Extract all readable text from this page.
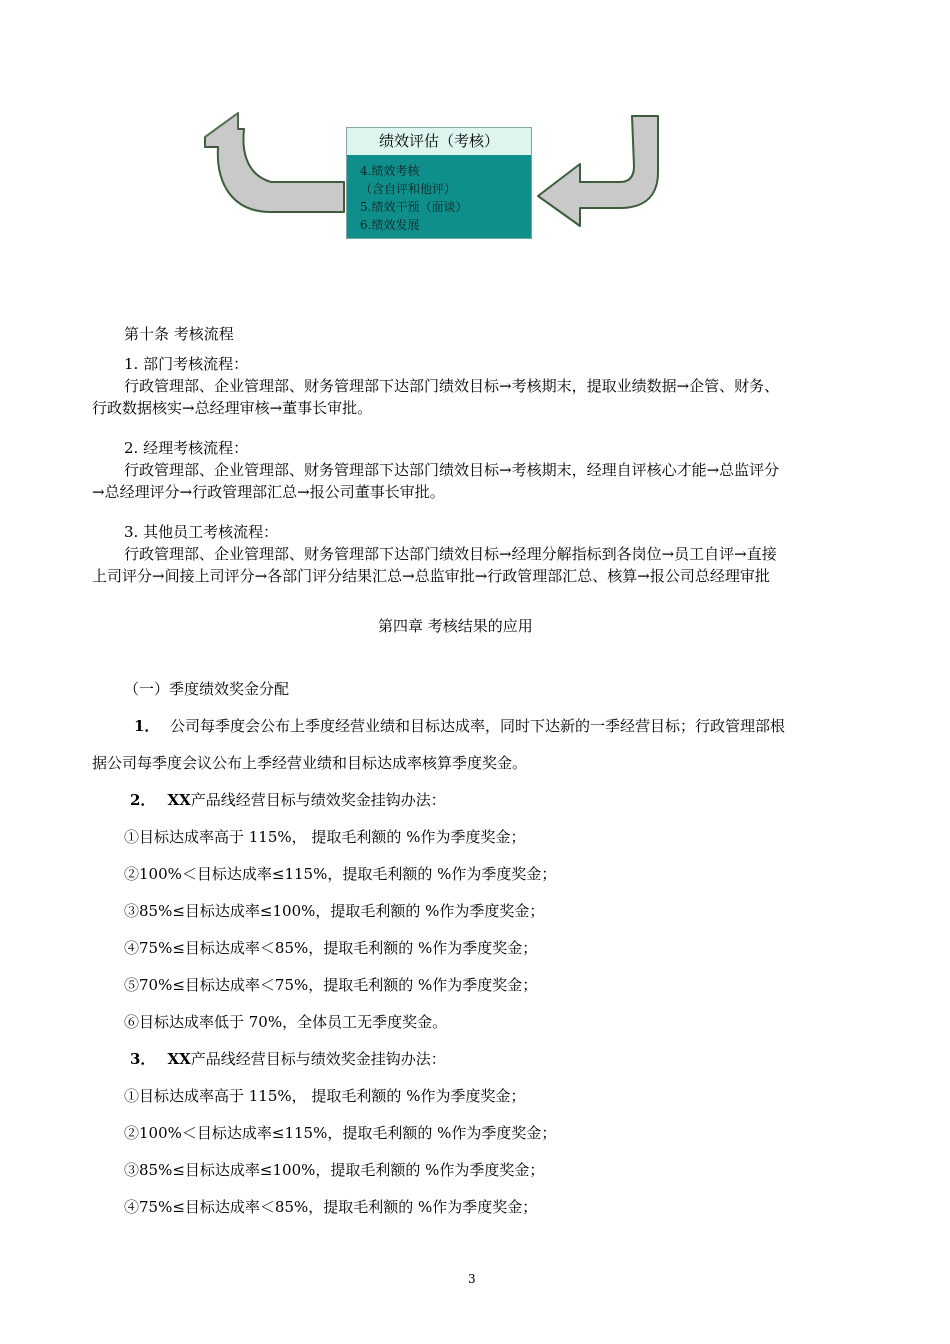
绩效评估（考核）
4.绩效考核
（含自评和他评）
5.绩效干预（面谈）
6.绩效发展
第十条 考核流程
1. 部门考核流程：
行政管理部、企业管理部、财务管理部下达部门绩效目标→考核期末，提取业绩数据→企管、财务、
行政数据核实→总经理审核→董事长审批。
2. 经理考核流程：
行政管理部、企业管理部、财务管理部下达部门绩效目标→考核期末，经理自评核心才能→总监评分
→总经理评分→行政管理部汇总→报公司董事长审批。
3. 其他员工考核流程：
行政管理部、企业管理部、财务管理部下达部门绩效目标→经理分解指标到各岗位→员工自评→直接
上司评分→间接上司评分→各部门评分结果汇总→总监审批→行政管理部汇总、核算→报公司总经理审批
第四章 考核结果的应用
（一）季度绩效奖金分配
1． 公司每季度会公布上季度经营业绩和目标达成率，同时下达新的一季经营目标；行政管理部根
据公司每季度会议公布上季经营业绩和目标达成率核算季度奖金。
2． XX产品线经营目标与绩效奖金挂钩办法：
①目标达成率高于 115%， 提取毛利额的 %作为季度奖金；
②100%＜目标达成率≤115%，提取毛利额的 %作为季度奖金；
③85%≤目标达成率≤100%，提取毛利额的 %作为季度奖金；
④75%≤目标达成率＜85%，提取毛利额的 %作为季度奖金；
⑤70%≤目标达成率＜75%，提取毛利额的 %作为季度奖金；
⑥目标达成率低于 70%，全体员工无季度奖金。
3． XX产品线经营目标与绩效奖金挂钩办法：
①目标达成率高于 115%， 提取毛利额的 %作为季度奖金；
②100%＜目标达成率≤115%，提取毛利额的 %作为季度奖金；
③85%≤目标达成率≤100%，提取毛利额的 %作为季度奖金；
④75%≤目标达成率＜85%，提取毛利额的 %作为季度奖金；
3
